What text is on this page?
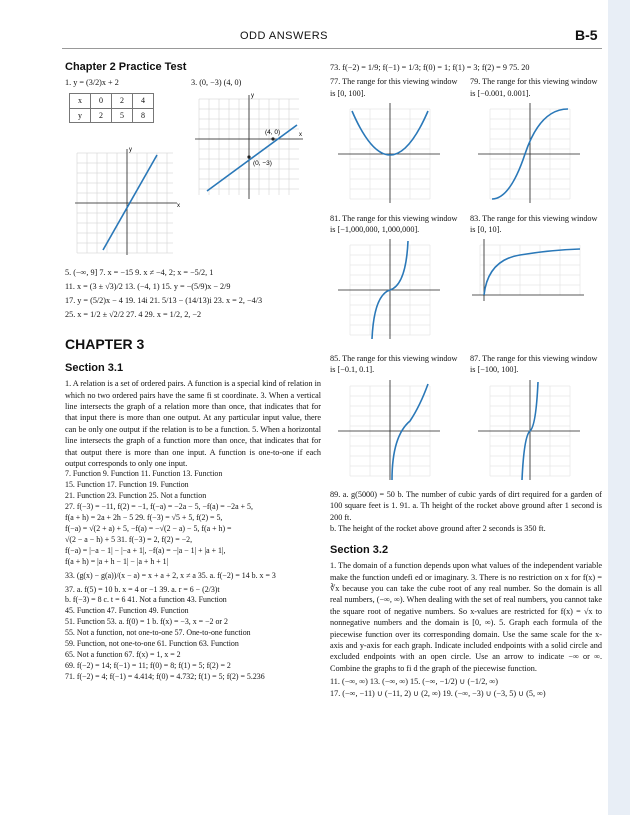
ODD ANSWERS	B-5
Chapter 2 Practice Test
1. y = (3/2)x + 2	3. (0, −3) (4, 0)
x	0	2	4
y	2	5	8
x
y
(4, 0)
(0, −3)
x
y
5. (−∞, 9] 7. x = −15 9. x ≠ −4, 2; x = −5/2, 1
11. x = (3 ± √3)/2 13. (−4, 1) 15. y = −(5/9)x − 2/9
17. y = (5/2)x − 4 19. 14i 21. 5/13 − (14/13)i 23. x = 2, −4/3
25. x = 1/2 ± √2/2 27. 4 29. x = 1/2, 2, −2
CHAPTER 3
Section 3.1
1. A relation is a set of ordered pairs. A function is a special kind of relation in which no two ordered pairs have the same fi st coordinate. 3. When a vertical line intersects the graph of a relation more than once, that indicates that for that input there is more than one output. At any particular input value, there can be only one output if the relation is to be a function. 5. When a horizontal line intersects the graph of a function more than once, that indicates that for that output there is more than one input. A function is one-to-one if each output corresponds to only one input.
7. Function 9. Function 11. Function 13. Function
15. Function 17. Function 19. Function
21. Function 23. Function 25. Not a function
27. f(−3) = −11, f(2) = −1, f(−a) = −2a − 5, −f(a) = −2a + 5,
f(a + h) = 2a + 2h − 5 29. f(−3) = √5 + 5, f(2) = 5,
f(−a) = √(2 + a) + 5, −f(a) = −√(2 − a) − 5, f(a + h) =
√(2 − a − h) + 5 31. f(−3) = 2, f(2) = −2,
f(−a) = |−a − 1| − |−a + 1|, −f(a) = −|a − 1| + |a + 1|,
f(a + h) = |a + h − 1| − |a + h + 1|
33. (g(x) − g(a))/(x − a) = x + a + 2, x ≠ a 35. a. f(−2) = 14 b. x = 3
37. a. f(5) = 10 b. x = 4 or −1 39. a. r = 6 − (2/3)t
b. f(−3) = 8 c. t = 6 41. Not a function 43. Function
45. Function 47. Function 49. Function
51. Function 53. a. f(0) = 1 b. f(x) = −3, x = −2 or 2
55. Not a function, not one-to-one 57. One-to-one function
59. Function, not one-to-one 61. Function 63. Function
65. Not a function 67. f(x) = 1, x = 2
69. f(−2) = 14; f(−1) = 11; f(0) = 8; f(1) = 5; f(2) = 2
71. f(−2) = 4; f(−1) = 4.414; f(0) = 4.732; f(1) = 5; f(2) = 5.236
73. f(−2) = 1/9; f(−1) = 1/3; f(0) = 1; f(1) = 3; f(2) = 9 75. 20
77. The range for this viewing window is [0, 100].
79. The range for this viewing window is [−0.001, 0.001].
81. The range for this viewing window is [−1,000,000, 1,000,000].
83. The range for this viewing window is [0, 10].
85. The range for this viewing window is [−0.1, 0.1].
87. The range for this viewing window is [−100, 100].
89. a. g(5000) = 50 b. The number of cubic yards of dirt required for a garden of 100 square feet is 1. 91. a. Th height of the rocket above ground after 1 second is 200 ft.
b. The height of the rocket above ground after 2 seconds is 350 ft.
Section 3.2
1. The domain of a function depends upon what values of the independent variable make the function undefi ed or imaginary. 3. There is no restriction on x for f(x) = ∛x because you can take the cube root of any real number. So the domain is all real numbers, (−∞, ∞). When dealing with the set of real numbers, you cannot take the square root of negative numbers. So x-values are restricted for f(x) = √x to nonnegative numbers and the domain is [0, ∞). 5. Graph each formula of the piecewise function over its corresponding domain. Use the same scale for the x-axis and y-axis for each graph. Indicate included endpoints with a solid circle and excluded endpoints with an open circle. Use an arrow to indicate −∞ or ∞. Combine the graphs to fi d the graph of the piecewise function.
11. (−∞, ∞) 13. (−∞, ∞) 15. (−∞, −1/2) ∪ (−1/2, ∞)
17. (−∞, −11) ∪ (−11, 2) ∪ (2, ∞) 19. (−∞, −3) ∪ (−3, 5) ∪ (5, ∞)
